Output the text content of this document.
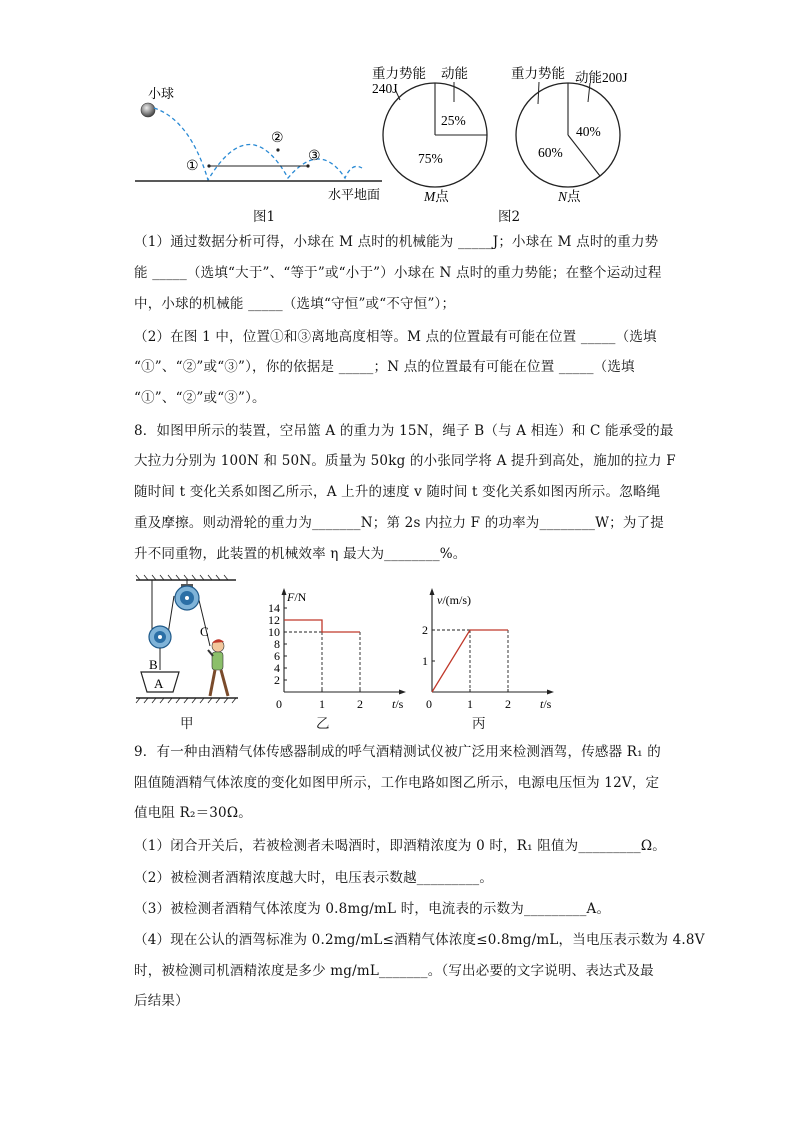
小球
①
②
③
水平地面
图1
重力势能 动能
240J
25%
75%
M点
重力势能 动能200J
40%
60%
N点
图2
（1）通过数据分析可得，小球在 M 点时的机械能为 _____J；小球在 M 点时的重力势
能 _____（选填“大于”、“等于”或“小于”）小球在 N 点时的重力势能；在整个运动过程
中，小球的机械能 _____（选填“守恒”或“不守恒”）；
（2）在图 1 中，位置①和③离地高度相等。M 点的位置最有可能在位置 _____（选填
“①”、“②”或“③”），你的依据是 _____；N 点的位置最有可能在位置 _____（选填
“①”、“②”或“③”）。
8．如图甲所示的装置，空吊篮 A 的重力为 15N，绳子 B（与 A 相连）和 C 能承受的最
大拉力分别为 100N 和 50N。质量为 50kg 的小张同学将 A 提升到高处，施加的拉力 F
随时间 t 变化关系如图乙所示，A 上升的速度 v 随时间 t 变化关系如图丙所示。忽略绳
重及摩擦。则动滑轮的重力为_______N；第 2s 内拉力 F 的功率为________W；为了提
升不同重物，此装置的机械效率 η 最大为________%。
B
C
A
甲
14
12
10
8
6
4
2
1	2
F/N
t/s
0
乙
2
1
1	2
v/(m/s)
t/s
0
丙
9．有一种由酒精气体传感器制成的呼气酒精测试仪被广泛用来检测酒驾，传感器 R₁ 的
阻值随酒精气体浓度的变化如图甲所示，工作电路如图乙所示，电源电压恒为 12V，定
值电阻 R₂＝30Ω。
（1）闭合开关后，若被检测者未喝酒时，即酒精浓度为 0 时，R₁ 阻值为_________Ω。
（2）被检测者酒精浓度越大时，电压表示数越_________。
（3）被检测者酒精气体浓度为 0.8mg/mL 时，电流表的示数为_________A。
（4）现在公认的酒驾标准为 0.2mg/mL≤酒精气体浓度≤0.8mg/mL，当电压表示数为 4.8V
时，被检测司机酒精浓度是多少 mg/mL_______。（写出必要的文字说明、表达式及最
后结果）
